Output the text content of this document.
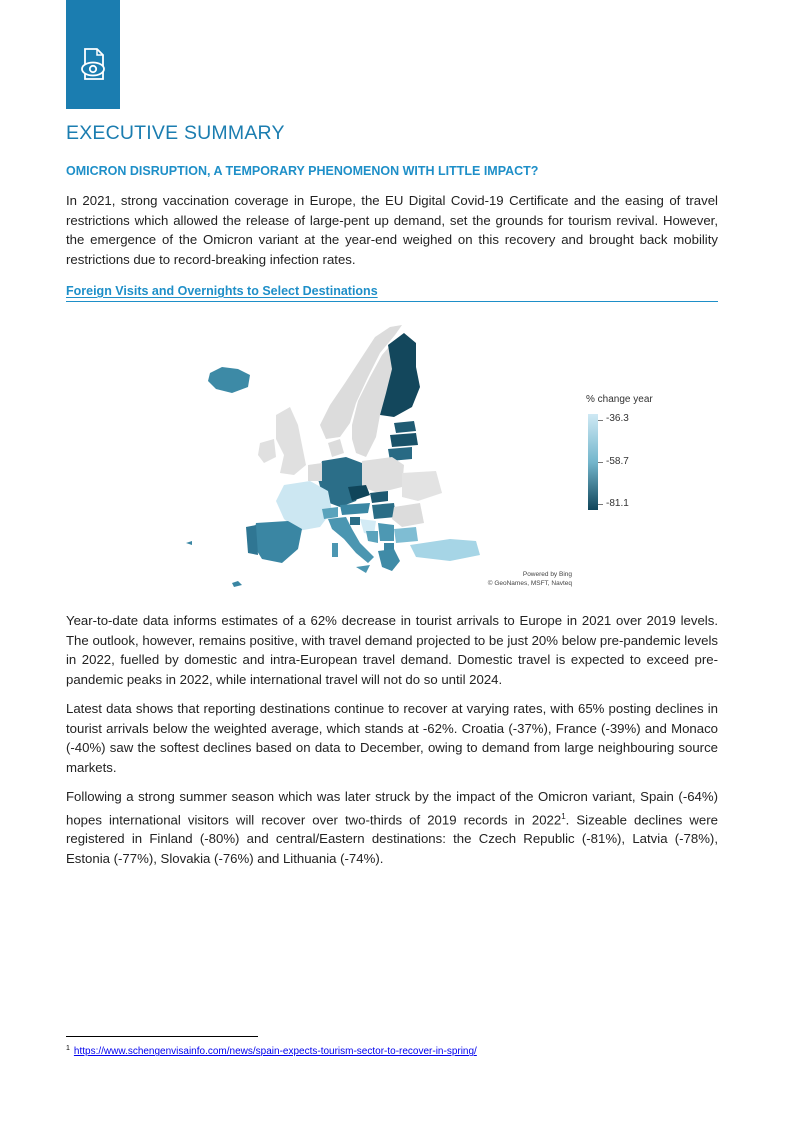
EXECUTIVE SUMMARY
OMICRON DISRUPTION, A TEMPORARY PHENOMENON WITH LITTLE IMPACT?

In 2021, strong vaccination coverage in Europe, the EU Digital Covid-19 Certificate and the easing of travel restrictions which allowed the release of large-pent up demand, set the grounds for tourism revival. However, the emergence of the Omicron variant at the year-end weighed on this recovery and brought back mobility restrictions due to record-breaking infection rates.

Foreign Visits and Overnights to Select Destinations
% change year
-36.3
-58.7
-81.1
Powered by Bing
© GeoNames, MSFT, Navteq

Year-to-date data informs estimates of a 62% decrease in tourist arrivals to Europe in 2021 over 2019 levels. The outlook, however, remains positive, with travel demand projected to be just 20% below pre-pandemic levels in 2022, fuelled by domestic and intra-European travel demand. Domestic travel is expected to exceed pre-pandemic peaks in 2022, while international travel will not do so until 2024.

Latest data shows that reporting destinations continue to recover at varying rates, with 65% posting declines in tourist arrivals below the weighted average, which stands at -62%. Croatia (-37%), France (-39%) and Monaco (-40%) saw the softest declines based on data to December, owing to demand from large neighbouring source markets.

Following a strong summer season which was later struck by the impact of the Omicron variant, Spain (-64%) hopes international visitors will recover over two-thirds of 2019 records in 2022$^1$. Sizeable declines were registered in Finland (-80%) and central/Eastern destinations: the Czech Republic (-81%), Latvia (-78%), Estonia (-77%), Slovakia (-76%) and Lithuania (-74%).

$^1$ https://www.schengenvisainfo.com/news/spain-expects-tourism-sector-to-recover-in-spring/
